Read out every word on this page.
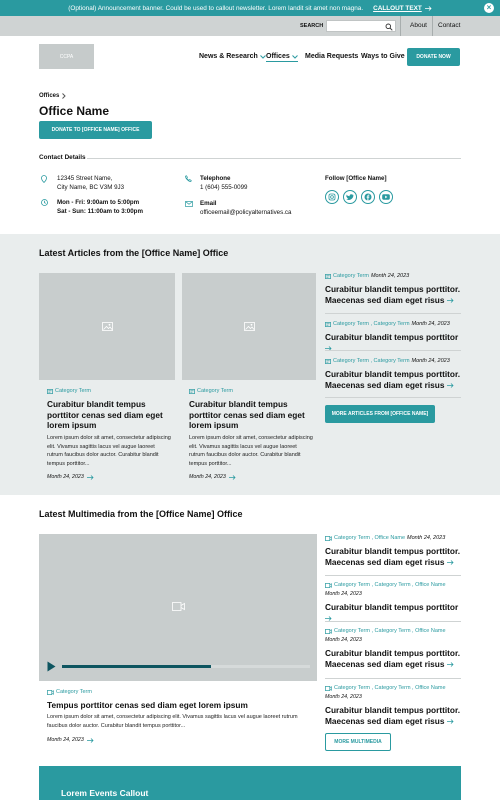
(Optional) Announcement banner. Could be used to callout newsletter. Lorem landit sit amet non magna. CALLOUT TEXT	×
SEARCH	About Contact
CCPA	News & Research Offices Media Requests Ways to Give	DONATE NOW
Offices
Office Name
DONATE TO [OFFICE NAME] OFFICE
Contact Details
12345 Street Name,
City Name, BC V3M 9J3
Mon - Fri: 9:00am to 5:00pm
Sat - Sun: 11:00am to 3:00pm
Telephone
1 (604) 555-0099
Email
officeemail@policyalternatives.ca
Follow [Office Name]
Latest Articles from the [Office Name] Office
Category Term
Curabitur blandit tempus porttitor cenas sed diam eget lorem ipsum
Lorem ipsum dolor sit amet, consectetur adipiscing elit. Vivamus sagittis lacus vel augue laoreet rutrum faucibus dolor auctor. Curabitur blandit tempus porttitor...
Month 24, 2023
Category Term
Curabitur blandit tempus porttitor cenas sed diam eget lorem ipsum
Lorem ipsum dolor sit amet, consectetur adipiscing elit. Vivamus sagittis lacus vel augue laoreet rutrum faucibus dolor auctor. Curabitur blandit tempus porttitor...
Month 24, 2023
Category Term Month 24, 2023
Curabitur blandit tempus porttitor. Maecenas sed diam eget risus
Category Term , Category Term Month 24, 2023
Curabitur blandit tempus porttitor
Category Term , Category Term Month 24, 2023
Curabitur blandit tempus porttitor. Maecenas sed diam eget risus
MORE ARTICLES FROM [OFFICE NAME]
Latest Multimedia from the [Office Name] Office
Category Term
Tempus porttitor cenas sed diam eget lorem ipsum
Lorem ipsum dolor sit amet, consectetur adipiscing elit. Vivamus sagittis lacus vel augue laoreet rutrum faucibus dolor auctor. Curabitur blandit tempus porttitor...
Month 24, 2023
Category Term , Office Name Month 24, 2023
Curabitur blandit tempus porttitor. Maecenas sed diam eget risus
Category Term , Category Term , Office Name
Month 24, 2023
Curabitur blandit tempus porttitor
Category Term , Category Term , Office Name
Month 24, 2023
Curabitur blandit tempus porttitor. Maecenas sed diam eget risus
Category Term , Category Term , Office Name
Month 24, 2023
Curabitur blandit tempus porttitor. Maecenas sed diam eget risus
MORE MULTIMEDIA
Lorem Events Callout
